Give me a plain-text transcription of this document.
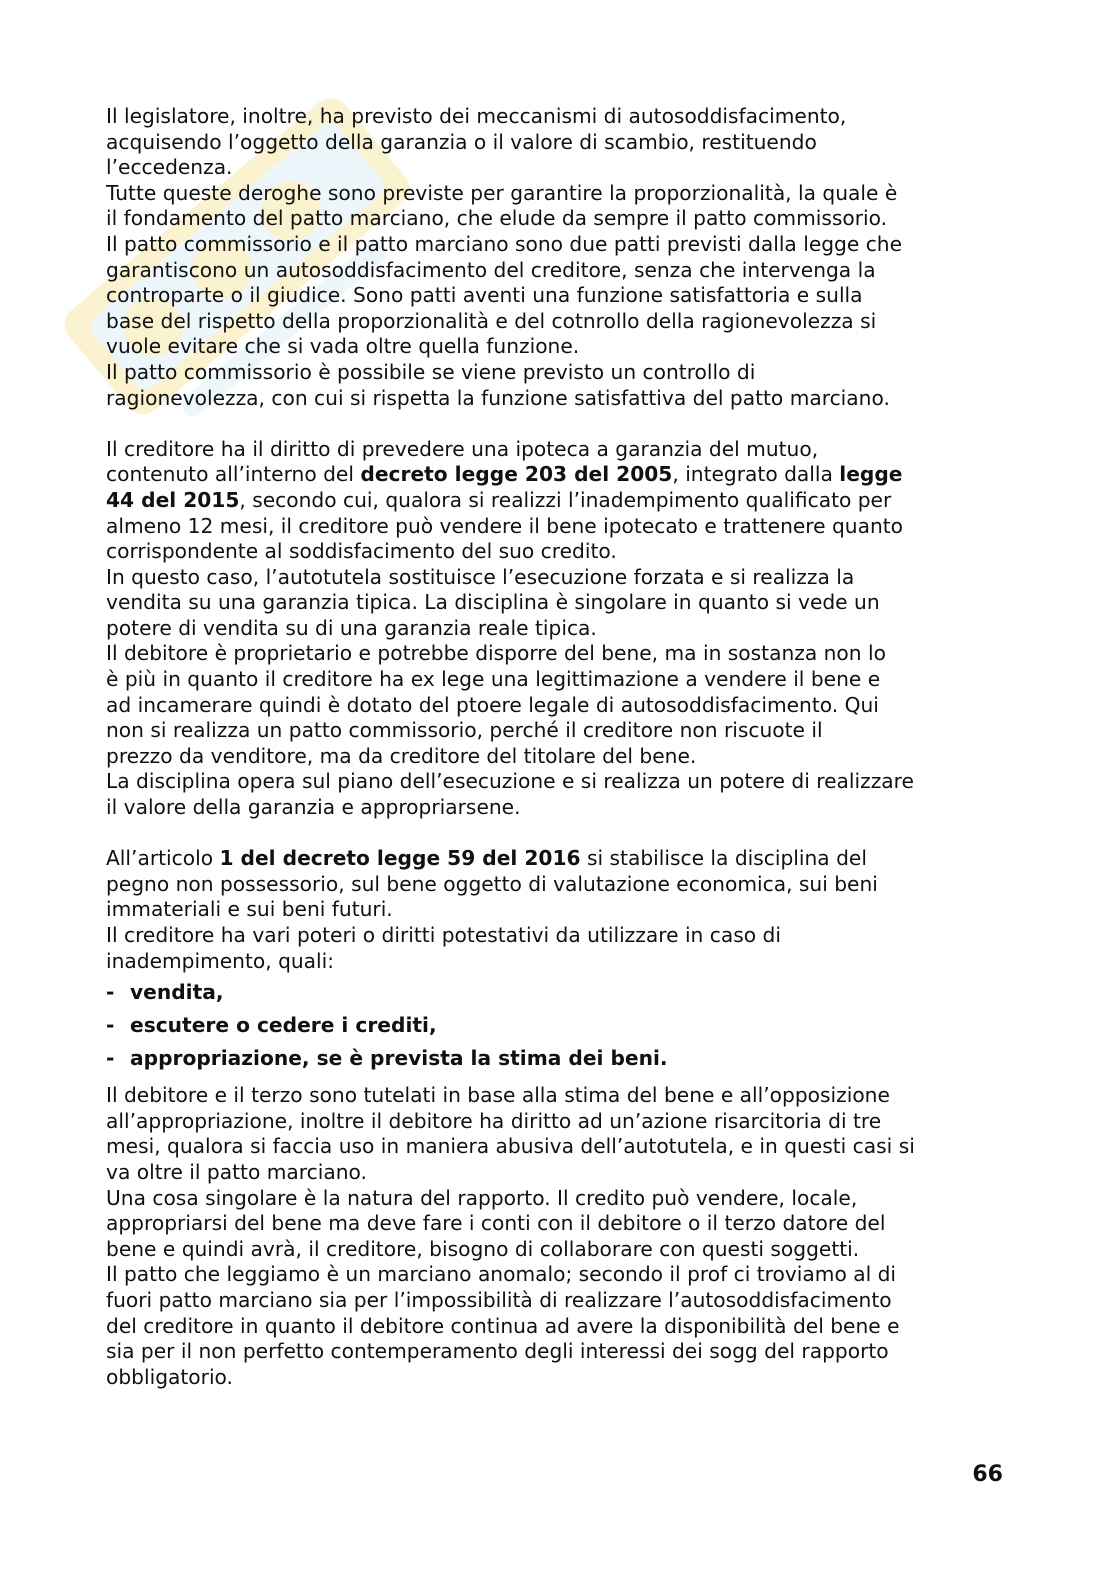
Il legislatore, inoltre, ha previsto dei meccanismi di autosoddisfacimento,
acquisendo l’oggetto della garanzia o il valore di scambio, restituendo
l’eccedenza.
Tutte queste deroghe sono previste per garantire la proporzionalità, la quale è
il fondamento del patto marciano, che elude da sempre il patto commissorio.
Il patto commissorio e il patto marciano sono due patti previsti dalla legge che
garantiscono un autosoddisfacimento del creditore, senza che intervenga la
controparte o il giudice. Sono patti aventi una funzione satisfattoria e sulla
base del rispetto della proporzionalità e del cotnrollo della ragionevolezza si
vuole evitare che si vada oltre quella funzione.
Il patto commissorio è possibile se viene previsto un controllo di
ragionevolezza, con cui si rispetta la funzione satisfattiva del patto marciano.
Il creditore ha il diritto di prevedere una ipoteca a garanzia del mutuo,
contenuto all’interno del decreto legge 203 del 2005, integrato dalla legge
44 del 2015, secondo cui, qualora si realizzi l’inadempimento qualificato per
almeno 12 mesi, il creditore può vendere il bene ipotecato e trattenere quanto
corrispondente al soddisfacimento del suo credito.
In questo caso, l’autotutela sostituisce l’esecuzione forzata e si realizza la
vendita su una garanzia tipica. La disciplina è singolare in quanto si vede un
potere di vendita su di una garanzia reale tipica.
Il debitore è proprietario e potrebbe disporre del bene, ma in sostanza non lo
è più in quanto il creditore ha ex lege una legittimazione a vendere il bene e
ad incamerare quindi è dotato del ptoere legale di autosoddisfacimento. Qui
non si realizza un patto commissorio, perché il creditore non riscuote il
prezzo da venditore, ma da creditore del titolare del bene.
La disciplina opera sul piano dell’esecuzione e si realizza un potere di realizzare
il valore della garanzia e appropriarsene.
All’articolo 1 del decreto legge 59 del 2016 si stabilisce la disciplina del
pegno non possessorio, sul bene oggetto di valutazione economica, sui beni
immateriali e sui beni futuri.
Il creditore ha vari poteri o diritti potestativi da utilizzare in caso di
inadempimento, quali:
- vendita,
- escutere o cedere i crediti,
- appropriazione, se è prevista la stima dei beni.
Il debitore e il terzo sono tutelati in base alla stima del bene e all’opposizione
all’appropriazione, inoltre il debitore ha diritto ad un’azione risarcitoria di tre
mesi, qualora si faccia uso in maniera abusiva dell’autotutela, e in questi casi si
va oltre il patto marciano.
Una cosa singolare è la natura del rapporto. Il credito può vendere, locale,
appropriarsi del bene ma deve fare i conti con il debitore o il terzo datore del
bene e quindi avrà, il creditore, bisogno di collaborare con questi soggetti.
Il patto che leggiamo è un marciano anomalo; secondo il prof ci troviamo al di
fuori patto marciano sia per l’impossibilità di realizzare l’autosoddisfacimento
del creditore in quanto il debitore continua ad avere la disponibilità del bene e
sia per il non perfetto contemperamento degli interessi dei sogg del rapporto
obbligatorio.
66
